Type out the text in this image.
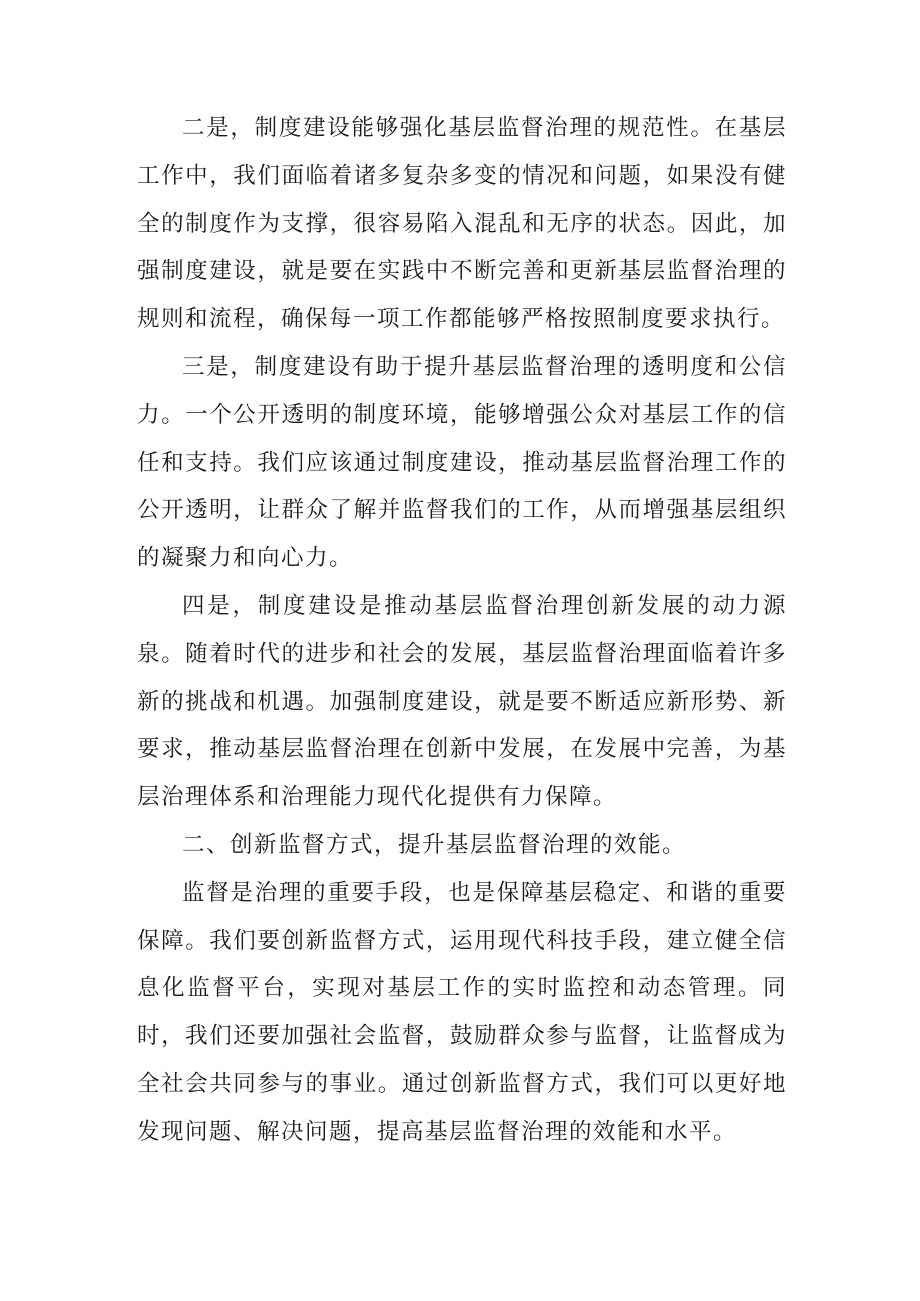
二是，制度建设能够强化基层监督治理的规范性。在基层工作中，我们面临着诸多复杂多变的情况和问题，如果没有健全的制度作为支撑，很容易陷入混乱和无序的状态。因此，加强制度建设，就是要在实践中不断完善和更新基层监督治理的规则和流程，确保每一项工作都能够严格按照制度要求执行。

三是，制度建设有助于提升基层监督治理的透明度和公信力。一个公开透明的制度环境，能够增强公众对基层工作的信任和支持。我们应该通过制度建设，推动基层监督治理工作的公开透明，让群众了解并监督我们的工作，从而增强基层组织的凝聚力和向心力。

四是，制度建设是推动基层监督治理创新发展的动力源泉。随着时代的进步和社会的发展，基层监督治理面临着许多新的挑战和机遇。加强制度建设，就是要不断适应新形势、新要求，推动基层监督治理在创新中发展，在发展中完善，为基层治理体系和治理能力现代化提供有力保障。

二、创新监督方式，提升基层监督治理的效能。

监督是治理的重要手段，也是保障基层稳定、和谐的重要保障。我们要创新监督方式，运用现代科技手段，建立健全信息化监督平台，实现对基层工作的实时监控和动态管理。同时，我们还要加强社会监督，鼓励群众参与监督，让监督成为全社会共同参与的事业。通过创新监督方式，我们可以更好地发现问题、解决问题，提高基层监督治理的效能和水平。
